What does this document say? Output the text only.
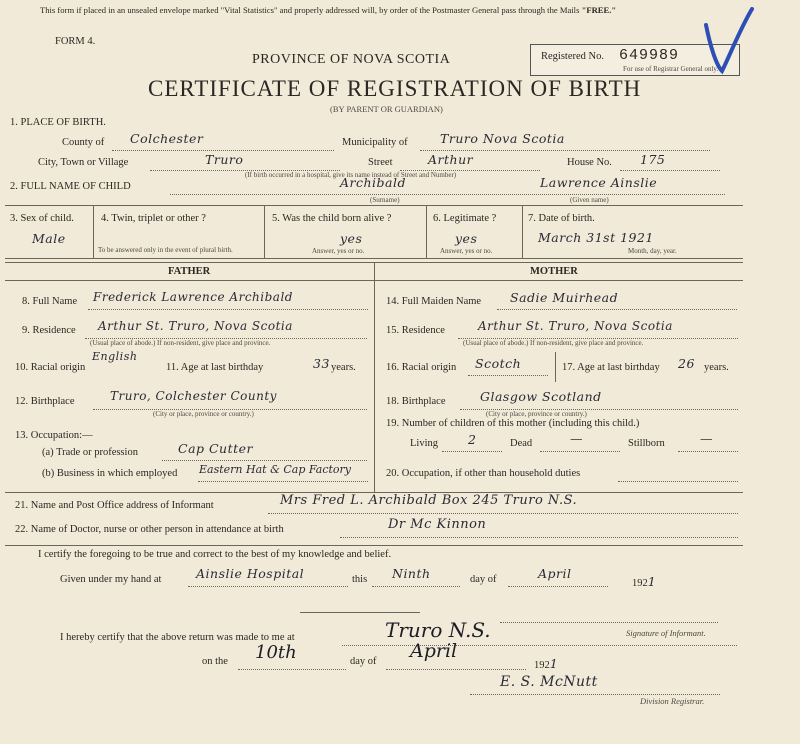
This form if placed in an unsealed envelope marked "Vital Statistics" and properly addressed will, by order of the Postmaster General pass through the Mails "FREE."
FORM 4.
PROVINCE OF NOVA SCOTIA
CERTIFICATE OF REGISTRATION OF BIRTH
(BY PARENT OR GUARDIAN)
Registered No. 649989
For use of Registrar General only.
1. PLACE OF BIRTH.
County of Colchester	Municipality of	Truro Nova Scotia
City, Town or Village	Truro	Street	Arthur	House No. 175
(If birth occurred in a hospital, give its name instead of Street and Number)
2. FULL NAME OF CHILD	Archibald	Lawrence Ainslie
(Surname)	(Given name)
3. Sex of child.
Male
4. Twin, triplet or other ?
To be answered only in the event of plural birth.
5. Was the child born alive ?
yes
Answer, yes or no.
6. Legitimate ?
yes
Answer, yes or no.
7. Date of birth.
March 31st 1921
Month, day, year.
FATHER	MOTHER
8. Full Name Frederick Lawrence Archibald
9. Residence Arthur St. Truro, Nova Scotia
(Usual place of abode.) If non-resident, give place and province.
10. Racial origin
English
11. Age at last birthday	33 years.
12. Birthplace	Truro, Colchester County
(City or place, province or country.)
13. Occupation:—
(a) Trade or profession	Cap Cutter
(b) Business in which employed Eastern Hat & Cap Factory
14. Full Maiden Name Sadie Muirhead
15. Residence	Arthur St. Truro, Nova Scotia
(Usual place of abode.) If non-resident, give place and province.
16. Racial origin Scotch	17. Age at last birthday 26 years.
18. Birthplace	Glasgow Scotland
(City or place, province or country.)
19. Number of children of this mother (including this child.)
Living 2	Dead	—	Stillborn	—
20. Occupation, if other than household duties
21. Name and Post Office address of Informant	Mrs Fred L. Archibald Box 245 Truro N.S.
22. Name of Doctor, nurse or other person in attendance at birth	Dr Mc Kinnon
I certify the foregoing to be true and correct to the best of my knowledge and belief.
Given under my hand at	Ainslie Hospital	this Ninth	day of	April
1921
Signature of Informant.
I hereby certify that the above return was made to me at	Truro N.S.
on the 10th	day of April
1921
E. S. McNutt
Division Registrar.
